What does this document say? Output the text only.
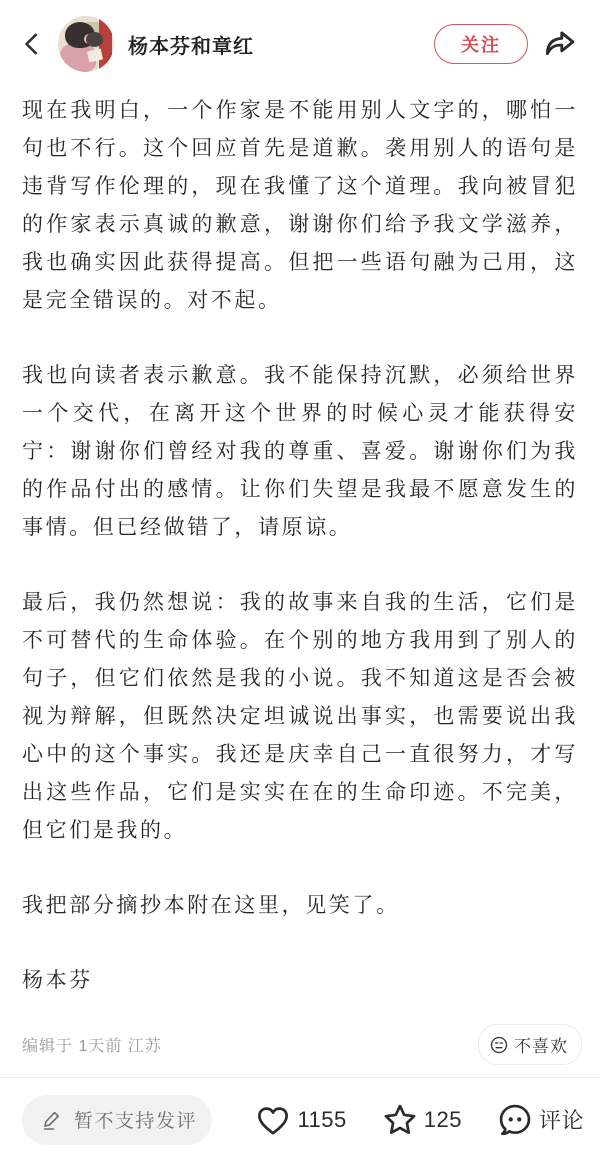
杨本芬和章红	关注

现在我明白，一个作家是不能用别人文字的，哪怕一句也不行。这个回应首先是道歉。袭用别人的语句是违背写作伦理的，现在我懂了这个道理。我向被冒犯的作家表示真诚的歉意，谢谢你们给予我文学滋养，我也确实因此获得提高。但把一些语句融为己用，这是完全错误的。对不起。

我也向读者表示歉意。我不能保持沉默，必须给世界一个交代，在离开这个世界的时候心灵才能获得安宁：谢谢你们曾经对我的尊重、喜爱。谢谢你们为我的作品付出的感情。让你们失望是我最不愿意发生的事情。但已经做错了，请原谅。

最后，我仍然想说：我的故事来自我的生活，它们是不可替代的生命体验。在个别的地方我用到了别人的句子，但它们依然是我的小说。我不知道这是否会被视为辩解，但既然决定坦诚说出事实，也需要说出我心中的这个事实。我还是庆幸自己一直很努力，才写出这些作品，它们是实实在在的生命印迹。不完美，但它们是我的。

我把部分摘抄本附在这里，见笑了。

杨本芬

编辑于 1天前 江苏	不喜欢
暂不支持发评	1155	125	评论
